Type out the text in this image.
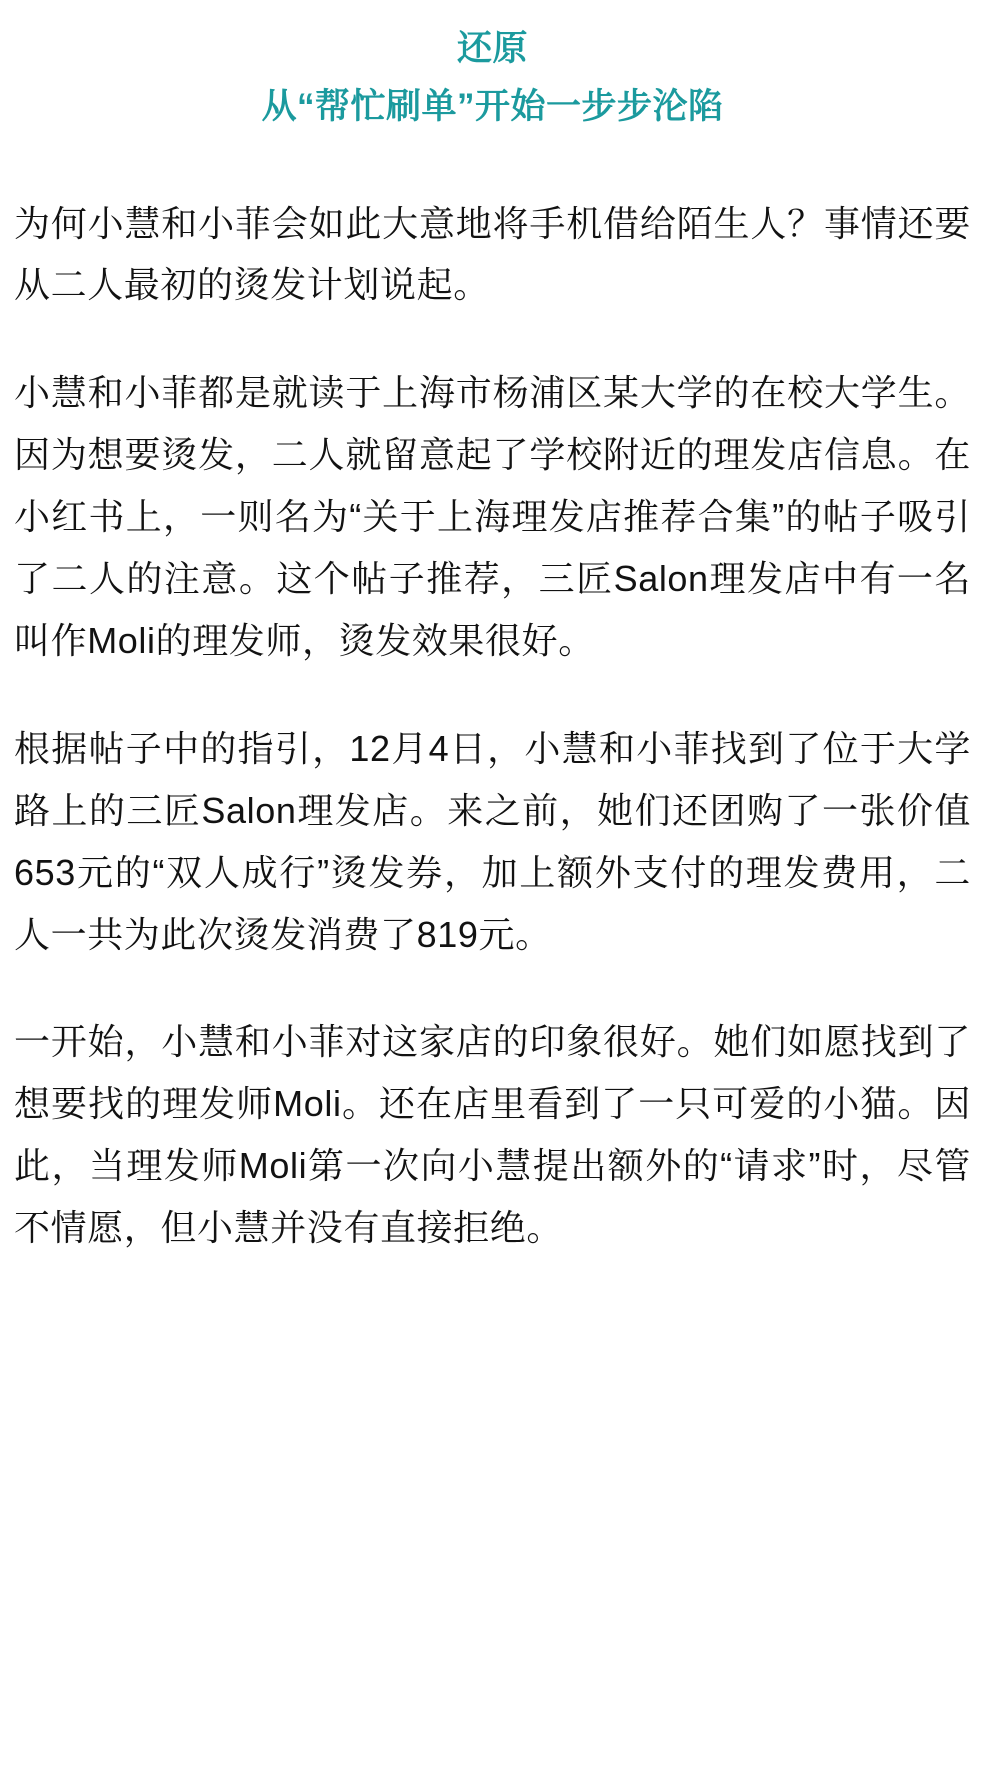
还原
从“帮忙刷单”开始一步步沦陷

为何小慧和小菲会如此大意地将手机借给陌生人？事情还要从二人最初的烫发计划说起。

小慧和小菲都是就读于上海市杨浦区某大学的在校大学生。因为想要烫发，二人就留意起了学校附近的理发店信息。在小红书上，一则名为“关于上海理发店推荐合集”的帖子吸引了二人的注意。这个帖子推荐，三匠Salon理发店中有一名叫作Moli的理发师，烫发效果很好。

根据帖子中的指引，12月4日，小慧和小菲找到了位于大学路上的三匠Salon理发店。来之前，她们还团购了一张价值653元的“双人成行”烫发券，加上额外支付的理发费用，二人一共为此次烫发消费了819元。

一开始，小慧和小菲对这家店的印象很好。她们如愿找到了想要找的理发师Moli。还在店里看到了一只可爱的小猫。因此，当理发师Moli第一次向小慧提出额外的“请求”时，尽管不情愿，但小慧并没有直接拒绝。
